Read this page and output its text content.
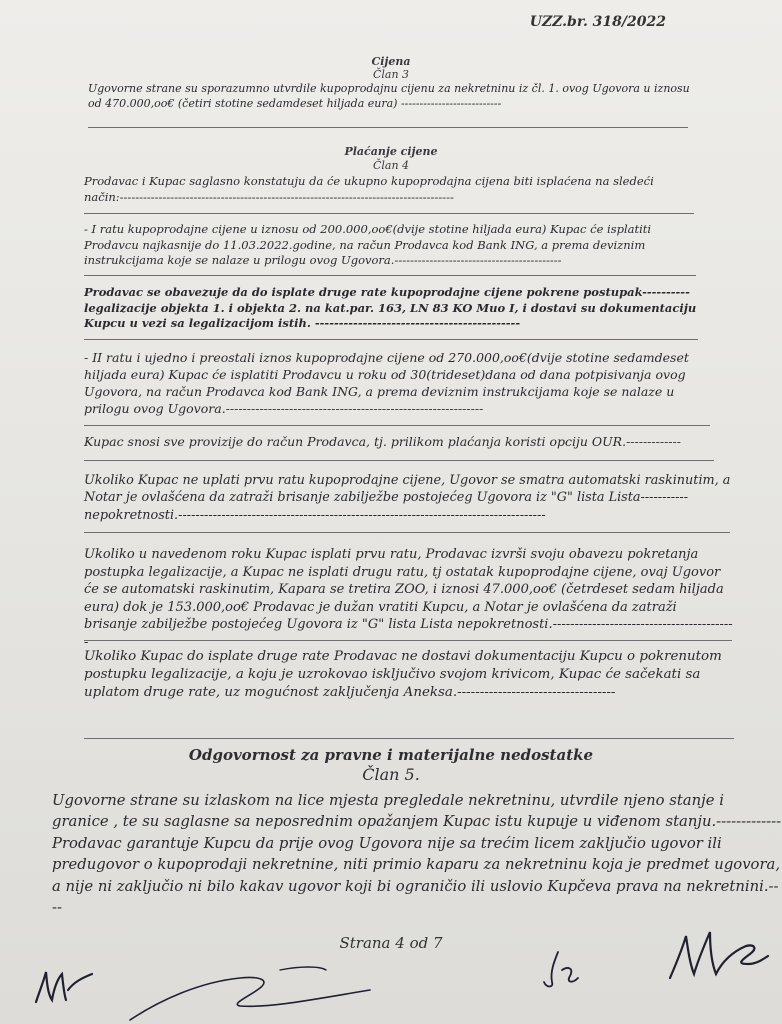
UZZ.br. 318/2022
Cijena
Član 3
Ugovorne strane su sporazumno utvrdile kupoprodajnu cijenu za nekretninu iz čl. 1. ovog Ugovora u iznosu od 470.000,oo€ (četiri stotine sedamdeset hiljada eura) ---------------------------
Plaćanje cijene
Član 4
Prodavac i Kupac saglasno konstatuju da će ukupno kupoprodajna cijena biti isplaćena na sledeći način:--------------------------------------------------------------------------------------
- I ratu kupoprodajne cijene u iznosu od 200.000,oo€(dvije stotine hiljada eura) Kupac će isplatiti Prodavcu najkasnije do 11.03.2022.godine, na račun Prodavca kod Bank ING, a prema deviznim instrukcijama koje se nalaze u prilogu ovog Ugovora.-------------------------------------------
Prodavac se obavezuje da do isplate druge rate kupoprodajne cijene pokrene postupak---------- legalizacije objekta 1. i objekta 2. na kat.par. 163, LN 83 KO Muo I, i dostavi su dokumentaciju Kupcu u vezi sa legalizacijom istih. -------------------------------------------
- II ratu i ujedno i preostali iznos kupoprodajne cijene od 270.000,oo€(dvije stotine sedamdeset hiljada eura) Kupac će isplatiti Prodavcu u roku od 30(trideset)dana od dana potpisivanja ovog Ugovora, na račun Prodavca kod Bank ING, a prema deviznim instrukcijama koje se nalaze u prilogu ovog Ugovora.-------------------------------------------------------------
Kupac snosi sve provizije do račun Prodavca, tj. prilikom plaćanja koristi opciju OUR.-------------
Ukoliko Kupac ne uplati prvu ratu kupoprodajne cijene, Ugovor se smatra automatski raskinutim, a Notar je ovlašćena da zatraži brisanje zabilježbe postojećeg Ugovora iz "G" lista Lista----------- nepokretnosti.-------------------------------------------------------------------------------------
Ukoliko u navedenom roku Kupac isplati prvu ratu, Prodavac izvrši svoju obavezu pokretanja postupka legalizacije, a Kupac ne isplati drugu ratu, tj ostatak kupoprodajne cijene, ovaj Ugovor će se automatski raskinutim, Kapara se tretira ZOO, i iznosi 47.000,oo€ (četrdeset sedam hiljada eura) dok je 153.000,oo€ Prodavac je dužan vratiti Kupcu, a Notar je ovlašćena da zatraži brisanje zabilježbe postojećeg Ugovora iz "G" lista Lista nepokretnosti.------------------------------------------
Ukoliko Kupac do isplate druge rate Prodavac ne dostavi dokumentaciju Kupcu o pokrenutom postupku legalizacije, a koju je uzrokovao isključivo svojom krivicom, Kupac će sačekati sa uplatom druge rate, uz mogućnost zaključenja Aneksa.-----------------------------------
Odgovornost za pravne i materijalne nedostatke
Član 5.
Ugovorne strane su izlaskom na lice mjesta pregledale nekretninu, utvrdile njeno stanje i granice , te su saglasne sa neposrednim opažanjem Kupac istu kupuje u viđenom stanju.------------- Prodavac garantuje Kupcu da prije ovog Ugovora nije sa trećim licem zaključio ugovor ili predugovor o kupoprodaji nekretnine, niti primio kaparu za nekretninu koja je predmet ugovora, a nije ni zaključio ni bilo kakav ugovor koji bi ograničio ili uslovio Kupčeva prava na nekretnini.----
Strana 4 od 7
